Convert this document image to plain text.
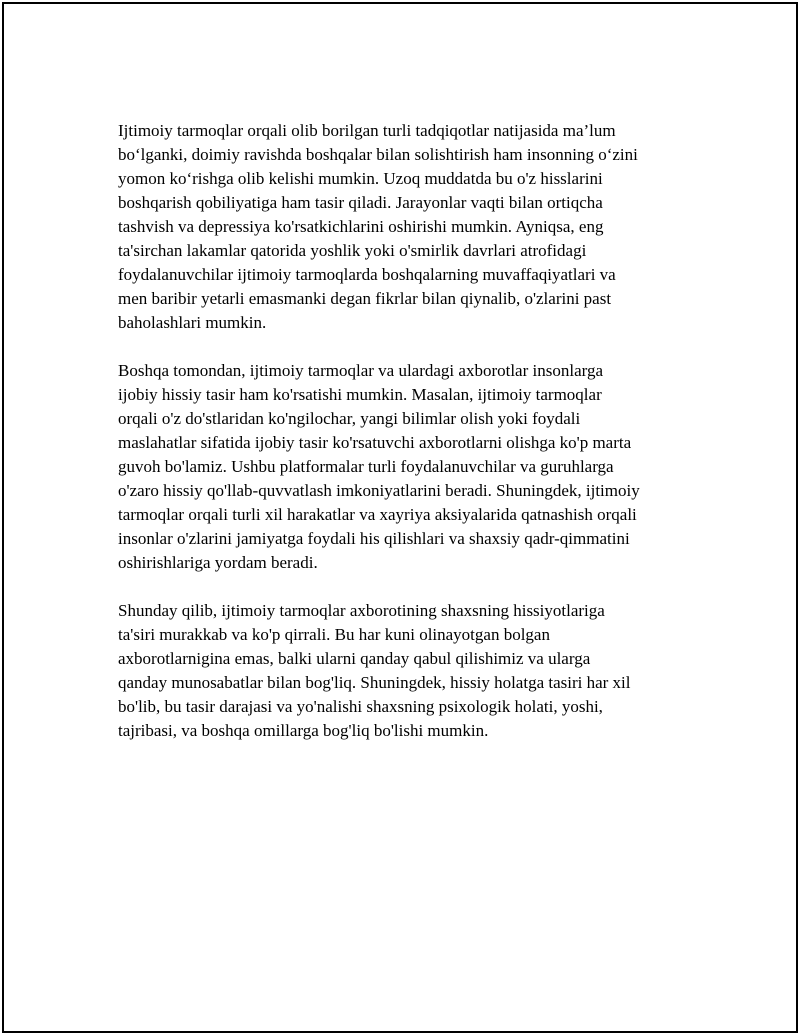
Ijtimoiy tarmoqlar orqali olib borilgan turli tadqiqotlar natijasida ma’lum
bo‘lganki, doimiy ravishda boshqalar bilan solishtirish ham insonning o‘zini
yomon ko‘rishga olib kelishi mumkin. Uzoq muddatda bu o'z hisslarini
boshqarish qobiliyatiga ham tasir qiladi. Jarayonlar vaqti bilan ortiqcha
tashvish va depressiya ko'rsatkichlarini oshirishi mumkin. Ayniqsa, eng
ta'sirchan lakamlar qatorida yoshlik yoki o'smirlik davrlari atrofidagi
foydalanuvchilar ijtimoiy tarmoqlarda boshqalarning muvaffaqiyatlari va
men baribir yetarli emasmanki degan fikrlar bilan qiynalib, o'zlarini past
baholashlari mumkin.

Boshqa tomondan, ijtimoiy tarmoqlar va ulardagi axborotlar insonlarga
ijobiy hissiy tasir ham ko'rsatishi mumkin. Masalan, ijtimoiy tarmoqlar
orqali o'z do'stlaridan ko'ngilochar, yangi bilimlar olish yoki foydali
maslahatlar sifatida ijobiy tasir ko'rsatuvchi axborotlarni olishga ko'p marta
guvoh bo'lamiz. Ushbu platformalar turli foydalanuvchilar va guruhlarga
o'zaro hissiy qo'llab-quvvatlash imkoniyatlarini beradi. Shuningdek, ijtimoiy
tarmoqlar orqali turli xil harakatlar va xayriya aksiyalarida qatnashish orqali
insonlar o'zlarini jamiyatga foydali his qilishlari va shaxsiy qadr-qimmatini
oshirishlariga yordam beradi.

Shunday qilib, ijtimoiy tarmoqlar axborotining shaxsning hissiyotlariga
ta'siri murakkab va ko'p qirrali. Bu har kuni olinayotgan bolgan
axborotlarnigina emas, balki ularni qanday qabul qilishimiz va ularga
qanday munosabatlar bilan bog'liq. Shuningdek, hissiy holatga tasiri har xil
bo'lib, bu tasir darajasi va yo'nalishi shaxsning psixologik holati, yoshi,
tajribasi, va boshqa omillarga bog'liq bo'lishi mumkin.
